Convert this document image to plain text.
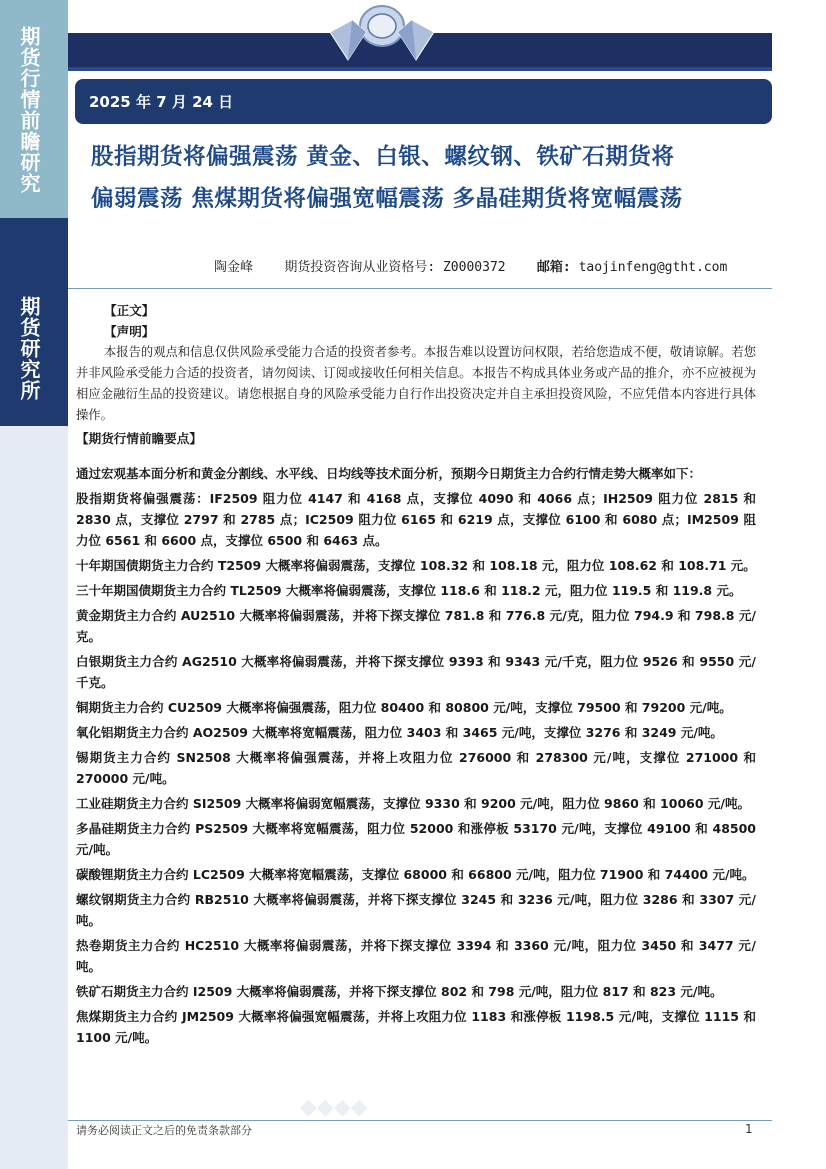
期货行情前瞻研究
期货研究所
2025 年 7 月 24 日
股指期货将偏强震荡 黄金、白银、螺纹钢、铁矿石期货将
偏弱震荡 焦煤期货将偏强宽幅震荡 多晶硅期货将宽幅震荡
陶金峰 期货投资咨询从业资格号: Z0000372 邮箱: taojinfeng@gtht.com
【正文】
【声明】
本报告的观点和信息仅供风险承受能力合适的投资者参考。本报告难以设置访问权限，若给您造成不便，敬请谅解。若您并非风险承受能力合适的投资者，请勿阅读、订阅或接收任何相关信息。本报告不构成具体业务或产品的推介，亦不应被视为相应金融衍生品的投资建议。请您根据自身的风险承受能力自行作出投资决定并自主承担投资风险，不应凭借本内容进行具体操作。
【期货行情前瞻要点】
通过宏观基本面分析和黄金分割线、水平线、日均线等技术面分析，预期今日期货主力合约行情走势大概率如下：
股指期货将偏强震荡：IF2509 阻力位 4147 和 4168 点，支撑位 4090 和 4066 点；IH2509 阻力位 2815 和 2830 点，支撑位 2797 和 2785 点；IC2509 阻力位 6165 和 6219 点，支撑位 6100 和 6080 点；IM2509 阻力位 6561 和 6600 点，支撑位 6500 和 6463 点。
十年期国债期货主力合约 T2509 大概率将偏弱震荡，支撑位 108.32 和 108.18 元，阻力位 108.62 和 108.71 元。
三十年期国债期货主力合约 TL2509 大概率将偏弱震荡，支撑位 118.6 和 118.2 元，阻力位 119.5 和 119.8 元。
黄金期货主力合约 AU2510 大概率将偏弱震荡，并将下探支撑位 781.8 和 776.8 元/克，阻力位 794.9 和 798.8 元/克。
白银期货主力合约 AG2510 大概率将偏弱震荡，并将下探支撑位 9393 和 9343 元/千克，阻力位 9526 和 9550 元/千克。
铜期货主力合约 CU2509 大概率将偏强震荡，阻力位 80400 和 80800 元/吨，支撑位 79500 和 79200 元/吨。
氧化铝期货主力合约 AO2509 大概率将宽幅震荡，阻力位 3403 和 3465 元/吨，支撑位 3276 和 3249 元/吨。
锡期货主力合约 SN2508 大概率将偏强震荡，并将上攻阻力位 276000 和 278300 元/吨，支撑位 271000 和 270000 元/吨。
工业硅期货主力合约 SI2509 大概率将偏弱宽幅震荡，支撑位 9330 和 9200 元/吨，阻力位 9860 和 10060 元/吨。
多晶硅期货主力合约 PS2509 大概率将宽幅震荡，阻力位 52000 和涨停板 53170 元/吨，支撑位 49100 和 48500 元/吨。
碳酸锂期货主力合约 LC2509 大概率将宽幅震荡，支撑位 68000 和 66800 元/吨，阻力位 71900 和 74400 元/吨。
螺纹钢期货主力合约 RB2510 大概率将偏弱震荡，并将下探支撑位 3245 和 3236 元/吨，阻力位 3286 和 3307 元/吨。
热卷期货主力合约 HC2510 大概率将偏弱震荡，并将下探支撑位 3394 和 3360 元/吨，阻力位 3450 和 3477 元/吨。
铁矿石期货主力合约 I2509 大概率将偏弱震荡，并将下探支撑位 802 和 798 元/吨，阻力位 817 和 823 元/吨。
焦煤期货主力合约 JM2509 大概率将偏强宽幅震荡，并将上攻阻力位 1183 和涨停板 1198.5 元/吨，支撑位 1115 和 1100 元/吨。
◆◆◆◆
请务必阅读正文之后的免责条款部分	1
